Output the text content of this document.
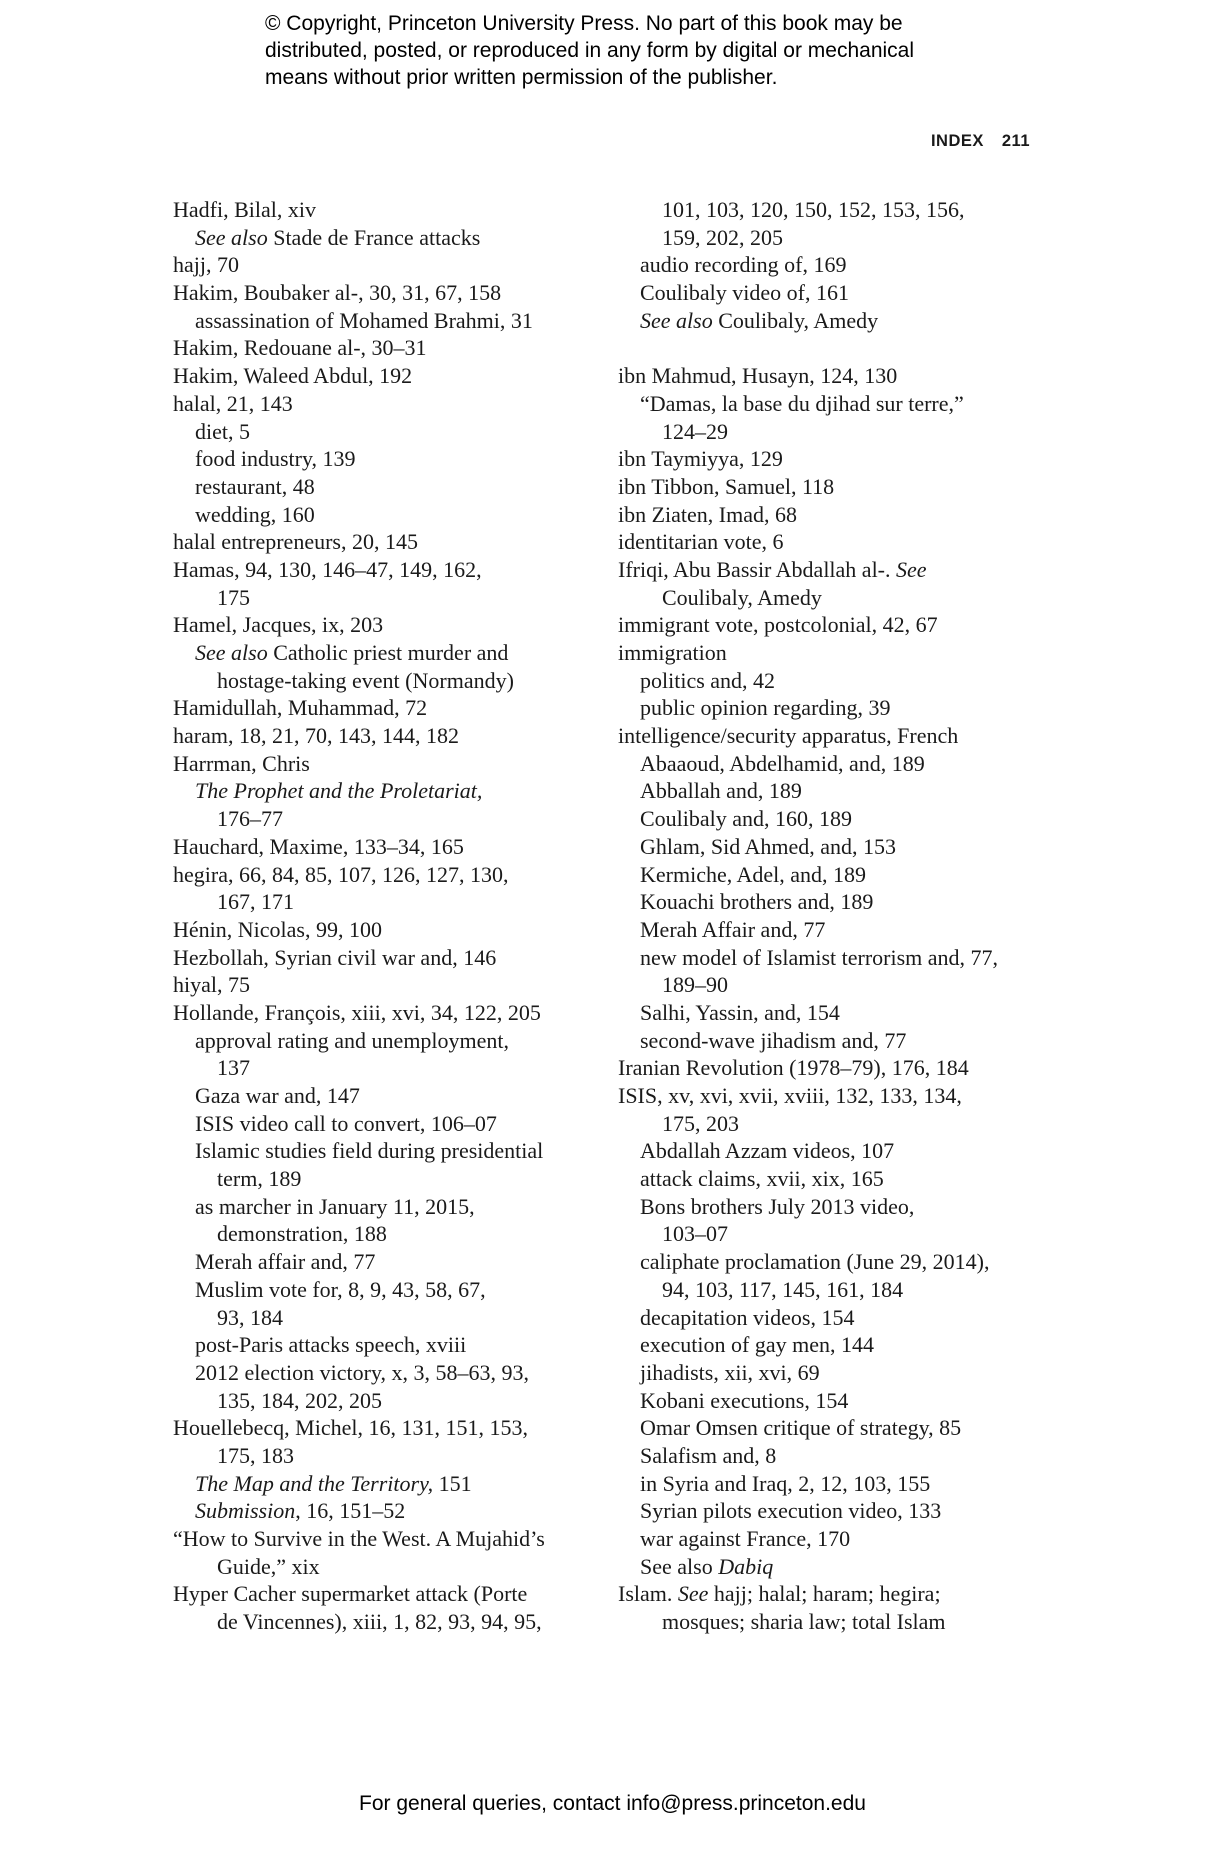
© Copyright, Princeton University Press. No part of this book may be
distributed, posted, or reproduced in any form by digital or mechanical
means without prior written permission of the publisher.
INDEX 211
Hadfi, Bilal, xiv
See also Stade de France attacks
hajj, 70
Hakim, Boubaker al-, 30, 31, 67, 158
assassination of Mohamed Brahmi, 31
Hakim, Redouane al-, 30–31
Hakim, Waleed Abdul, 192
halal, 21, 143
diet, 5
food industry, 139
restaurant, 48
wedding, 160
halal entrepreneurs, 20, 145
Hamas, 94, 130, 146–47, 149, 162,
175
Hamel, Jacques, ix, 203
See also Catholic priest murder and
hostage-taking event (Normandy)
Hamidullah, Muhammad, 72
haram, 18, 21, 70, 143, 144, 182
Harrman, Chris
The Prophet and the Proletariat,
176–77
Hauchard, Maxime, 133–34, 165
hegira, 66, 84, 85, 107, 126, 127, 130,
167, 171
Hénin, Nicolas, 99, 100
Hezbollah, Syrian civil war and, 146
hiyal, 75
Hollande, François, xiii, xvi, 34, 122, 205
approval rating and unemployment,
137
Gaza war and, 147
ISIS video call to convert, 106–07
Islamic studies field during presidential
term, 189
as marcher in January 11, 2015,
demonstration, 188
Merah affair and, 77
Muslim vote for, 8, 9, 43, 58, 67,
93, 184
post-Paris attacks speech, xviii
2012 election victory, x, 3, 58–63, 93,
135, 184, 202, 205
Houellebecq, Michel, 16, 131, 151, 153,
175, 183
The Map and the Territory, 151
Submission, 16, 151–52
“How to Survive in the West. A Mujahid’s
Guide,” xix
Hyper Cacher supermarket attack (Porte
de Vincennes), xiii, 1, 82, 93, 94, 95,
101, 103, 120, 150, 152, 153, 156,
159, 202, 205
audio recording of, 169
Coulibaly video of, 161
See also Coulibaly, Amedy
ibn Mahmud, Husayn, 124, 130
“Damas, la base du djihad sur terre,”
124–29
ibn Taymiyya, 129
ibn Tibbon, Samuel, 118
ibn Ziaten, Imad, 68
identitarian vote, 6
Ifriqi, Abu Bassir Abdallah al-. See
Coulibaly, Amedy
immigrant vote, postcolonial, 42, 67
immigration
politics and, 42
public opinion regarding, 39
intelligence/security apparatus, French
Abaaoud, Abdelhamid, and, 189
Abballah and, 189
Coulibaly and, 160, 189
Ghlam, Sid Ahmed, and, 153
Kermiche, Adel, and, 189
Kouachi brothers and, 189
Merah Affair and, 77
new model of Islamist terrorism and, 77,
189–90
Salhi, Yassin, and, 154
second-wave jihadism and, 77
Iranian Revolution (1978–79), 176, 184
ISIS, xv, xvi, xvii, xviii, 132, 133, 134,
175, 203
Abdallah Azzam videos, 107
attack claims, xvii, xix, 165
Bons brothers July 2013 video,
103–07
caliphate proclamation (June 29, 2014),
94, 103, 117, 145, 161, 184
decapitation videos, 154
execution of gay men, 144
jihadists, xii, xvi, 69
Kobani executions, 154
Omar Omsen critique of strategy, 85
Salafism and, 8
in Syria and Iraq, 2, 12, 103, 155
Syrian pilots execution video, 133
war against France, 170
See also Dabiq
Islam. See hajj; halal; haram; hegira;
mosques; sharia law; total Islam
For general queries, contact info@press.princeton.edu
